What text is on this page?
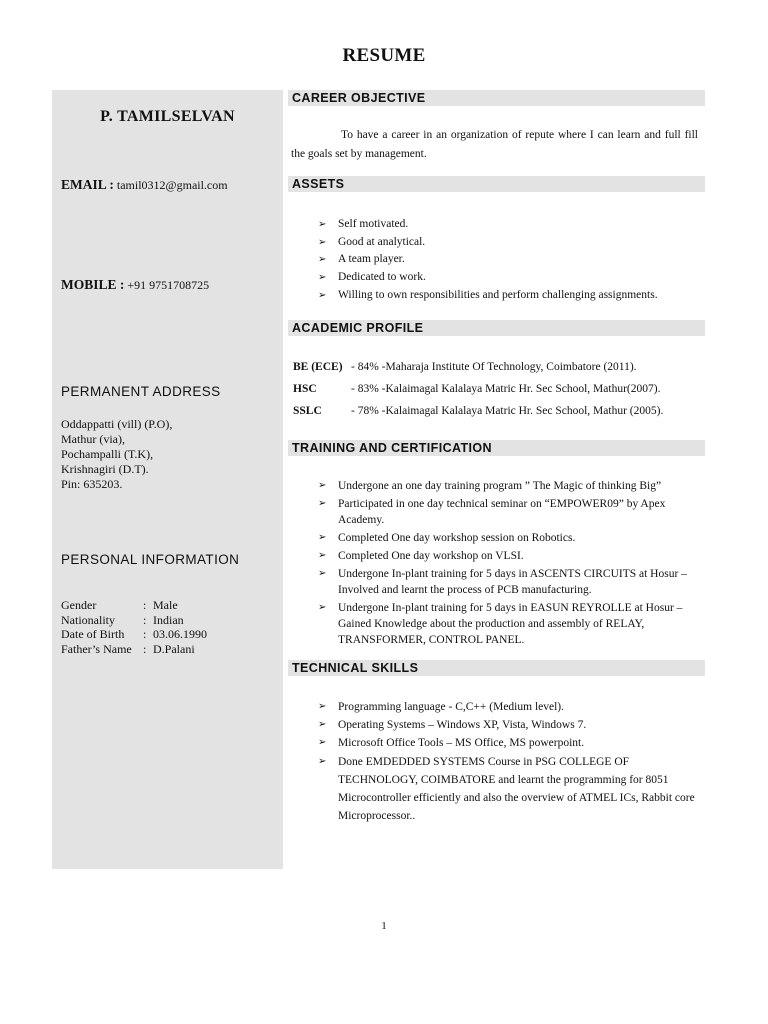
RESUME
P. TAMILSELVAN
EMAIL : tamil0312@gmail.com
MOBILE : +91 9751708725
PERMANENT ADDRESS
Oddappatti (vill) (P.O),
Mathur (via),
Pochampalli (T.K),
Krishnagiri (D.T).
Pin: 635203.
PERSONAL INFORMATION
Gender	: Male
Nationality	: Indian
Date of Birth	: 03.06.1990
Father’s Name : D.Palani
CAREER OBJECTIVE
To have a career in an organization of repute where I can learn and full fill the goals set by management.
ASSETS
➢	Self motivated.
➢	Good at analytical.
➢	A team player.
➢	Dedicated to work.
➢	Willing to own responsibilities and perform challenging assignments.
ACADEMIC PROFILE
BE (ECE) - 84% -Maharaja Institute Of Technology, Coimbatore (2011).
HSC	- 83% -Kalaimagal Kalalaya Matric Hr. Sec School, Mathur(2007).
SSLC	- 78% -Kalaimagal Kalalaya Matric Hr. Sec School, Mathur (2005).
TRAINING AND CERTIFICATION
➢	Undergone an one day training program ” The Magic of thinking Big”
➢	Participated in one day technical seminar on “EMPOWER09” by Apex Academy.
➢	Completed One day workshop session on Robotics.
➢	Completed One day workshop on VLSI.
➢	Undergone In-plant training for 5 days in ASCENTS CIRCUITS at Hosur – Involved and learnt the process of PCB manufacturing.
➢	Undergone In-plant training for 5 days in EASUN REYROLLE at Hosur – Gained Knowledge about the production and assembly of RELAY, TRANSFORMER, CONTROL PANEL.
TECHNICAL SKILLS
➢	Programming language - C,C++ (Medium level).
➢	Operating Systems – Windows XP, Vista, Windows 7.
➢	Microsoft Office Tools – MS Office, MS powerpoint.
➢	Done EMDEDDED SYSTEMS Course in PSG COLLEGE OF TECHNOLOGY, COIMBATORE and learnt the programming for 8051 Microcontroller efficiently and also the overview of ATMEL ICs, Rabbit core Microprocessor..
1
